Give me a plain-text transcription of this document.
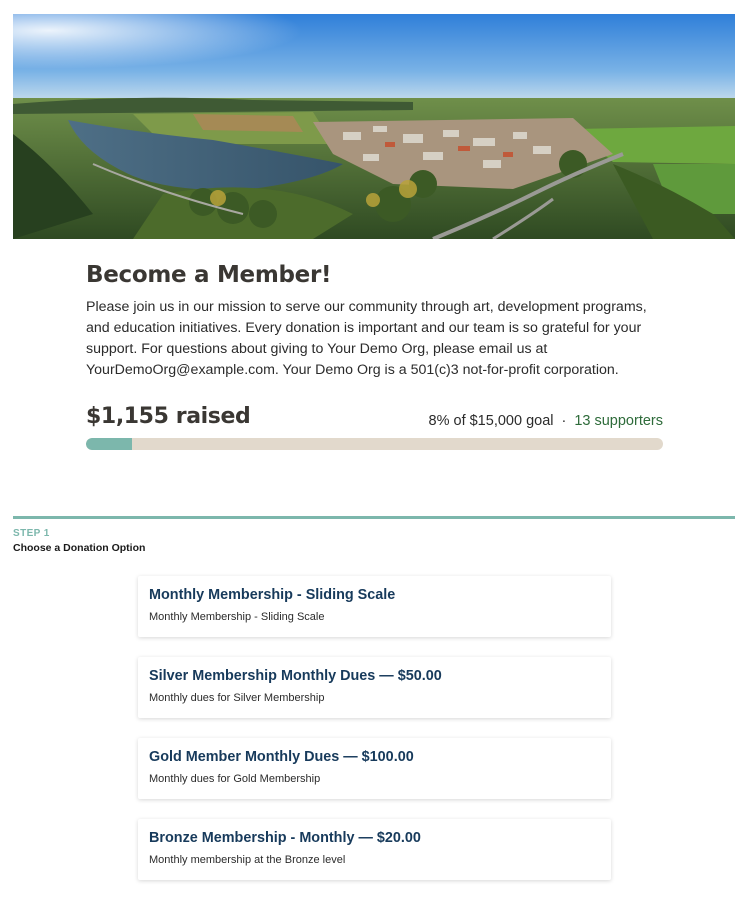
Become a Member!

Please join us in our mission to serve our community through art, development programs, and education initiatives. Every donation is important and our team is so grateful for your support. For questions about giving to Your Demo Org, please email us at YourDemoOrg@example.com. Your Demo Org is a 501(c)3 not-for-profit corporation.

$1,155 raised	8% of $15,000 goal · 13 supporters
STEP 1
Choose a Donation Option
Monthly Membership - Sliding Scale
Monthly Membership - Sliding Scale
Silver Membership Monthly Dues — $50.00
Monthly dues for Silver Membership
Gold Member Monthly Dues — $100.00
Monthly dues for Gold Membership
Bronze Membership - Monthly — $20.00
Monthly membership at the Bronze level
